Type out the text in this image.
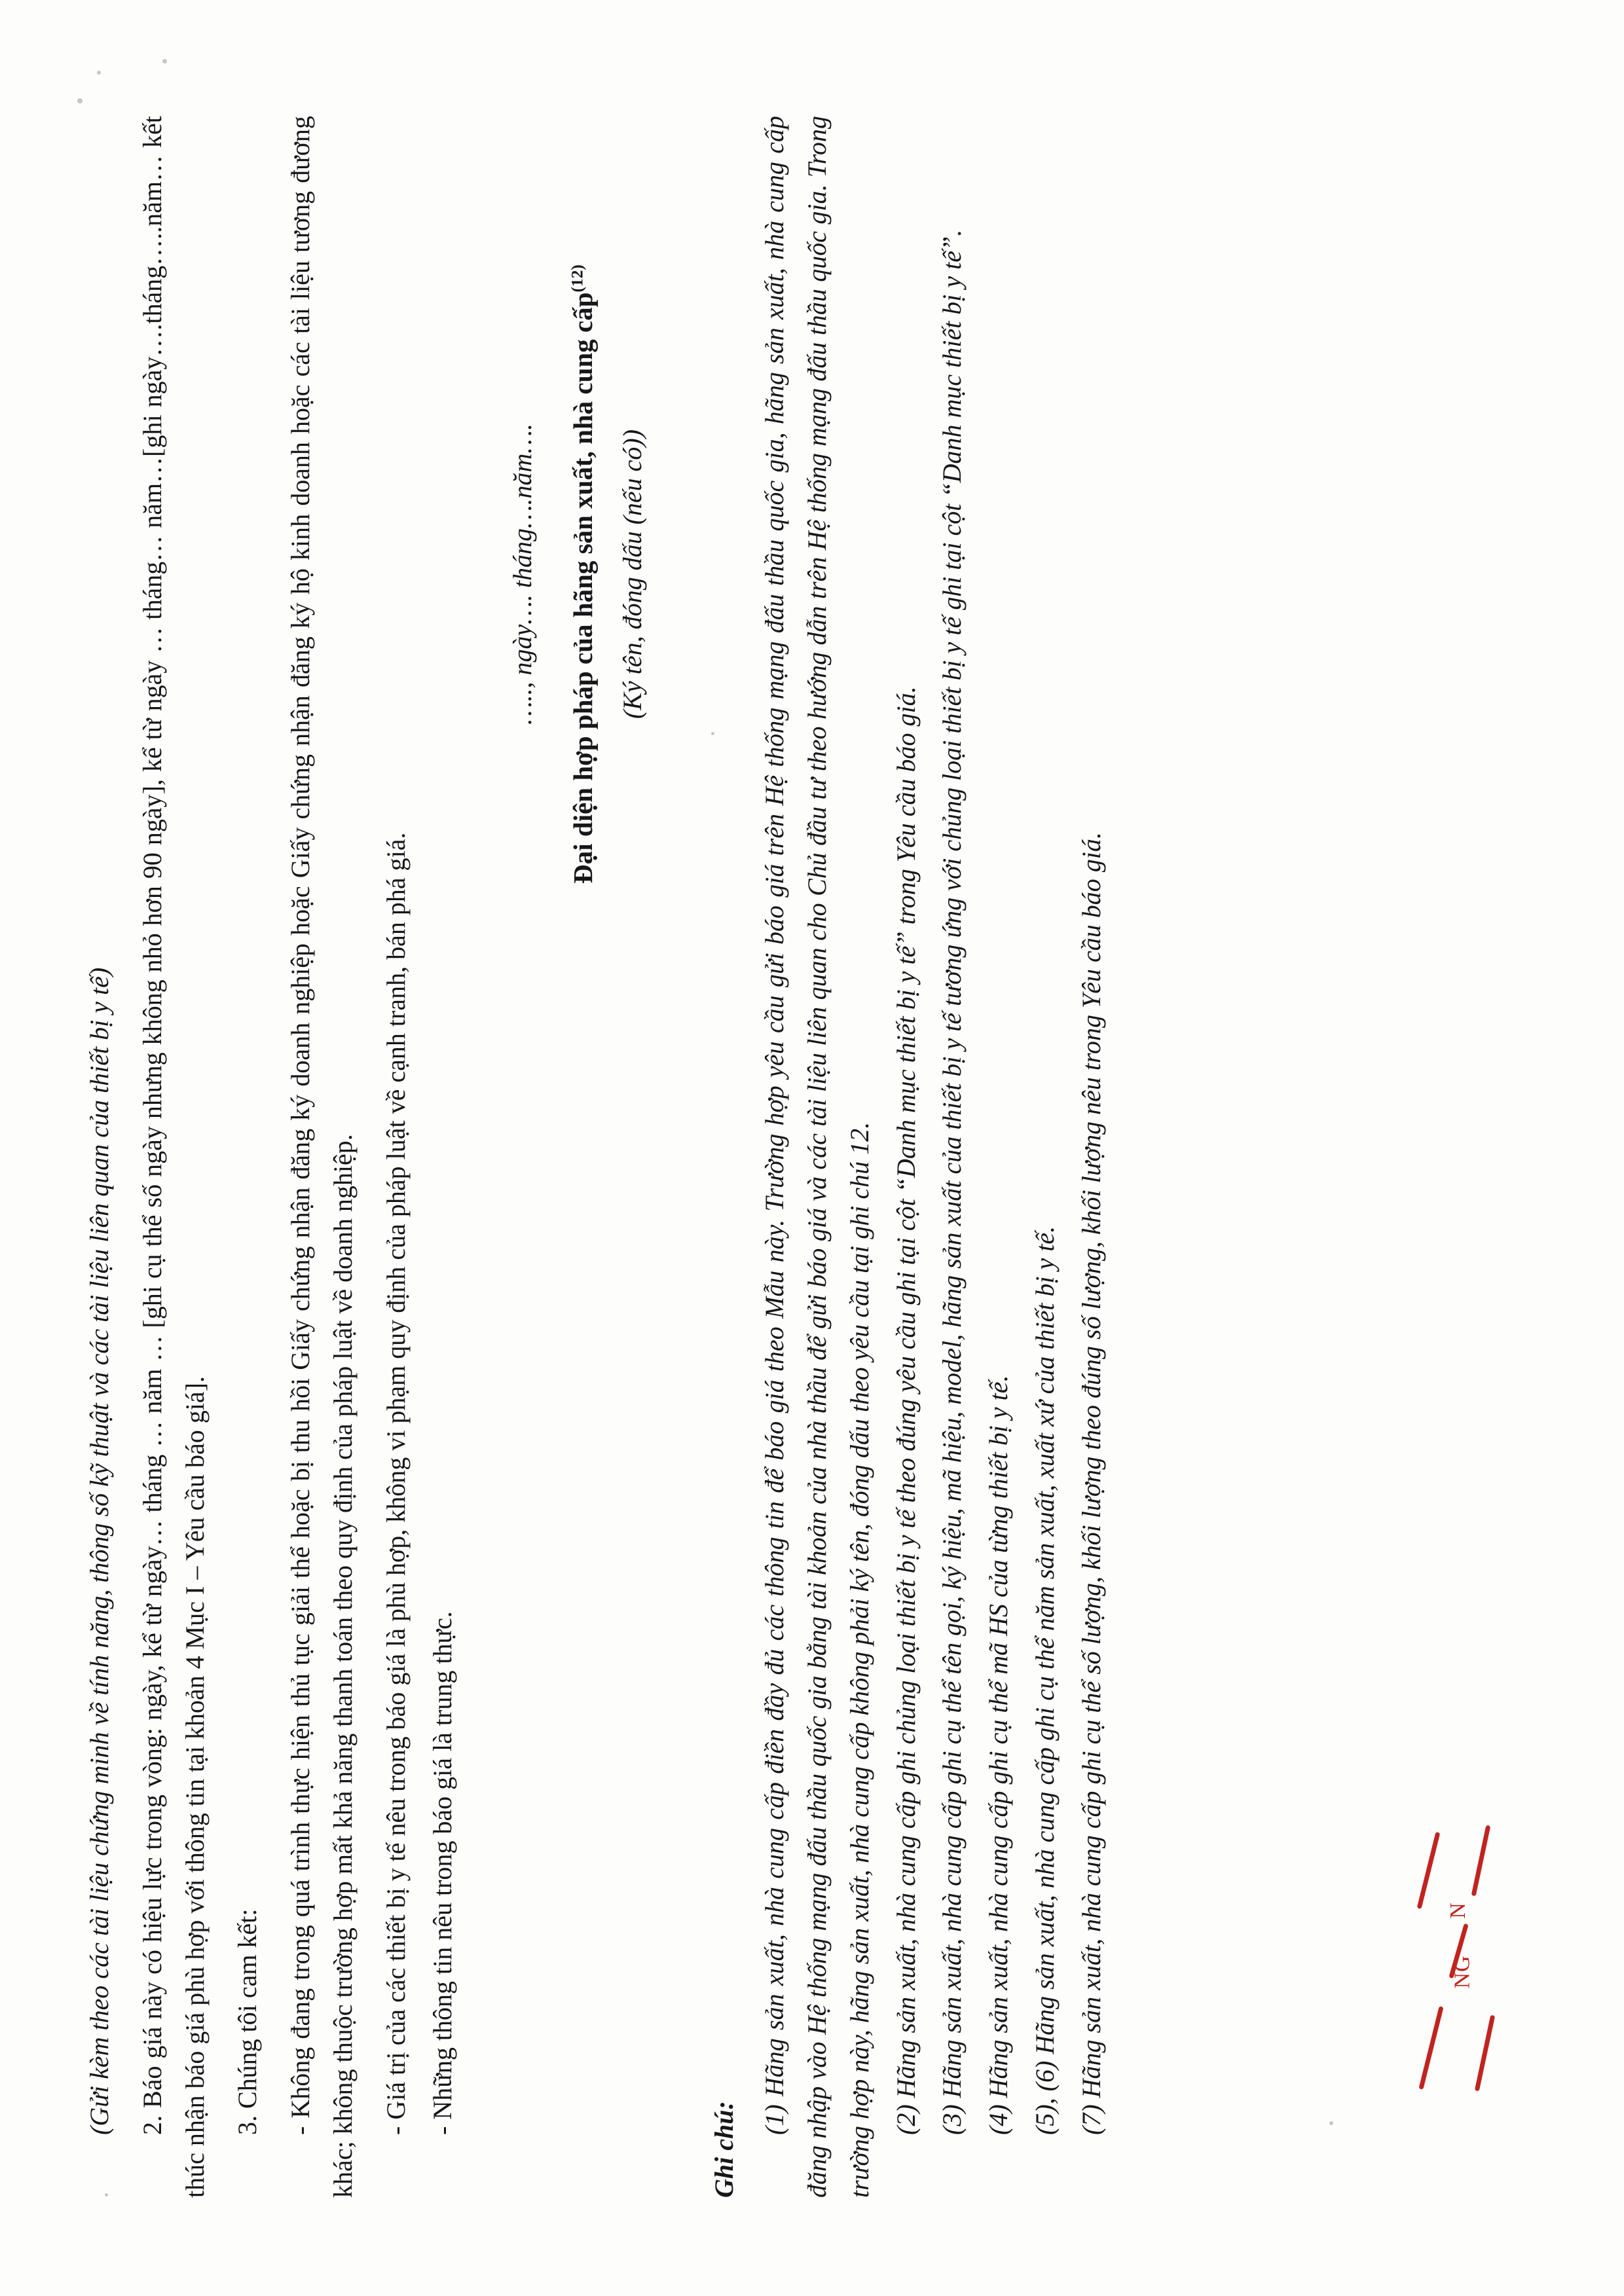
(Gửi kèm theo các tài liệu chứng minh về tính năng, thông số kỹ thuật và các tài liệu liên quan của thiết bị y tế) 2. Báo giá này có hiệu lực trong vòng: ngày, kể từ ngày… tháng … năm … [ghi cụ thể số ngày nhưng không nhỏ hơn 90 ngày], kể từ ngày … tháng… năm…[ghi ngày….tháng…..năm… kết thúc nhận báo giá phù hợp với thông tin tại khoản 4 Mục I – Yêu cầu báo giá]. 3. Chúng tôi cam kết: - Không đang trong quá trình thực hiện thủ tục giải thể hoặc bị thu hồi Giấy chứng nhận đăng ký doanh nghiệp hoặc Giấy chứng nhận đăng ký hộ kinh doanh hoặc các tài liệu tương đương khác; không thuộc trường hợp mất khả năng thanh toán theo quy định của pháp luật về doanh nghiệp. - Giá trị của các thiết bị y tế nêu trong báo giá là phù hợp, không vi phạm quy định của pháp luật về cạnh tranh, bán phá giá. - Những thông tin nêu trong báo giá là trung thực.

….., ngày…. tháng….năm…. Đại diện hợp pháp của hãng sản xuất, nhà cung cấp$^{(12)}$

(Ký tên, đóng dấu (nếu có))

Ghi chú:

(1) Hãng sản xuất, nhà cung cấp điền đầy đủ các thông tin để báo giá theo Mẫu này. Trường hợp yêu cầu gửi báo giá trên Hệ thống mạng đấu thầu quốc gia, hãng sản xuất, nhà cung cấp đăng nhập vào Hệ thống mạng đấu thầu quốc gia bằng tài khoản của nhà thầu để gửi báo giá và các tài liệu liên quan cho Chủ đầu tư theo hướng dẫn trên Hệ thống mạng đấu thầu quốc gia. Trong trường hợp này, hãng sản xuất, nhà cung cấp không phải ký tên, đóng dấu theo yêu cầu tại ghi chú 12. (2) Hãng sản xuất, nhà cung cấp ghi chủng loại thiết bị y tế theo đúng yêu cầu ghi tại cột “Danh mục thiết bị y tế” trong Yêu cầu báo giá. (3) Hãng sản xuất, nhà cung cấp ghi cụ thể tên gọi, ký hiệu, mã hiệu, model, hãng sản xuất của thiết bị y tế tương ứng với chủng loại thiết bị y tế ghi tại cột “Danh mục thiết bị y tế”. (4) Hãng sản xuất, nhà cung cấp ghi cụ thể mã HS của từng thiết bị y tế. (5), (6) Hãng sản xuất, nhà cung cấp ghi cụ thể năm sản xuất, xuất xứ của thiết bị y tế. (7) Hãng sản xuất, nhà cung cấp ghi cụ thể số lượng, khối lượng theo đúng số lượng, khối lượng nêu trong Yêu cầu báo giá.	N
NG
